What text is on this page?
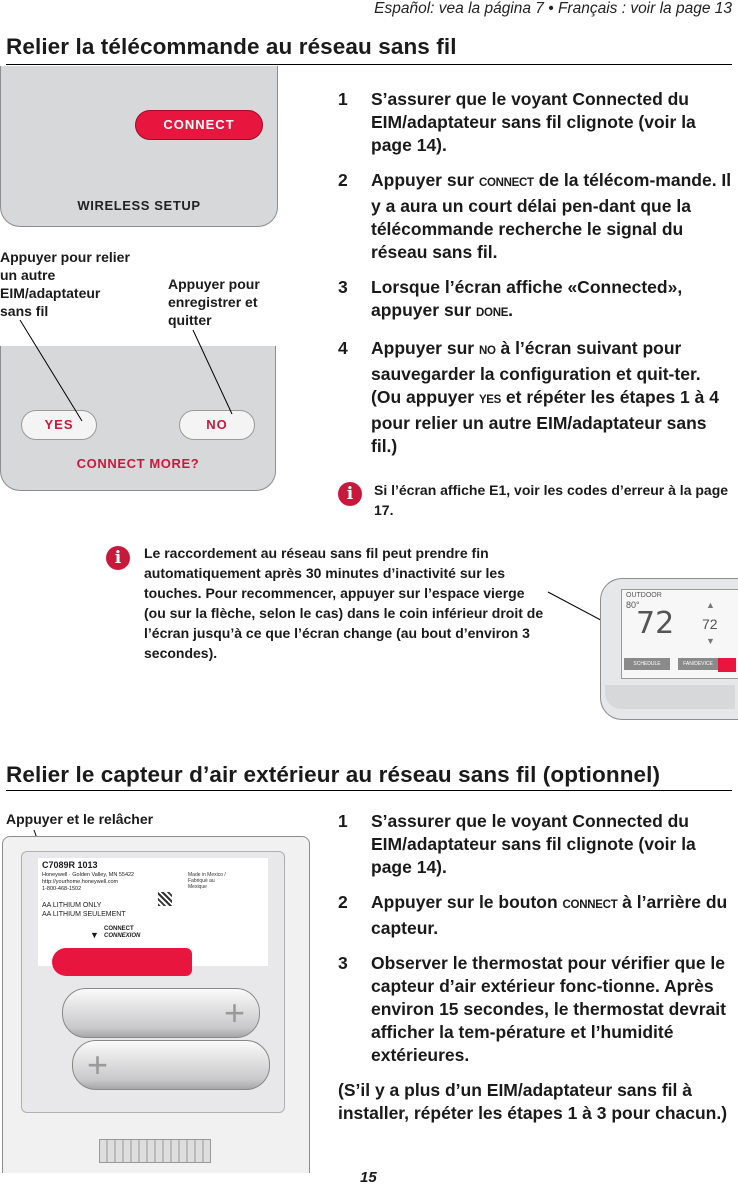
Español: vea la página 7 • Français : voir la page 13
Relier la télécommande au réseau sans fil
CONNECT
WIRELESS SETUP
Appuyer pour relier un autre EIM/adaptateur sans fil
Appuyer pour enregistrer et quitter
YES	NO
CONNECT MORE?
1 S’assurer que le voyant Connected du EIM/adaptateur sans fil clignote (voir la page 14).
2 Appuyer sur CONNECT de la télécom-mande. Il y a aura un court délai pen-dant que la télécommande recherche le signal du réseau sans fil.
3 Lorsque l’écran affiche «Connected», appuyer sur DONE.
4 Appuyer sur NO à l’écran suivant pour sauvegarder la configuration et quit-ter. (Ou appuyer YES et répéter les étapes 1 à 4 pour relier un autre EIM/adaptateur sans fil.)
i	Si l’écran affiche E1, voir les codes d’erreur à la page 17.
i	Le raccordement au réseau sans fil peut prendre fin automatiquement après 30 minutes d’inactivité sur les touches. Pour recommencer, appuyer sur l’espace vierge (ou sur la flèche, selon le cas) dans le coin inférieur droit de l’écran jusqu’à ce que l’écran change (au bout d’environ 3 secondes).
OUTDOOR
80°
72
▲
72
▼
SCHEDULE	FAN/DEVICE
Relier le capteur d’air extérieur au réseau sans fil (optionnel)
Appuyer et le relâcher
C7089R 1013
Honeywell · Golden Valley, MN 55422
http://yourhome.honeywell.com
1-800-468-1502
AA LITHIUM ONLY
AA LITHIUM SEULEMENT
Made in Mexico / Fabriqué au Mexique
▼
CONNECT
CONNEXION
+
+
1 S’assurer que le voyant Connected du EIM/adaptateur sans fil clignote (voir la page 14).
2 Appuyer sur le bouton CONNECT à l’arrière du capteur.
3 Observer le thermostat pour vérifier que le capteur d’air extérieur fonc-tionne. Après environ 15 secondes, le thermostat devrait afficher la tem-pérature et l’humidité extérieures.
(S’il y a plus d’un EIM/adaptateur sans fil à installer, répéter les étapes 1 à 3 pour chacun.)
15
